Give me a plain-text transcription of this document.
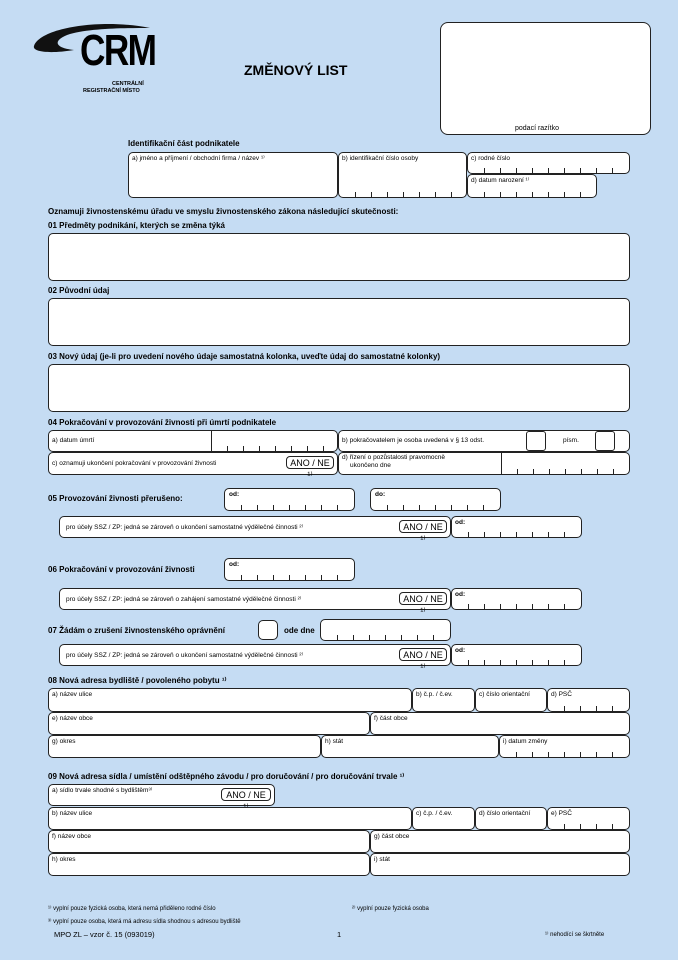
CRM
CENTRÁLNÍ
REGISTRAČNÍ MÍSTO
ZMĚNOVÝ LIST
podací razítko
Identifikační část podnikatele
a) jméno a příjmení / obchodní firma / název ¹⁾	b) identifikační číslo osoby	c) rodné číslo
d) datum narození ¹⁾
Oznamuji živnostenskému úřadu ve smyslu živnostenského zákona následující skutečnosti:
01 Předměty podnikání, kterých se změna týká
02 Původní údaj
03 Nový údaj (je-li pro uvedení nového údaje samostatná kolonka, uveďte údaj do samostatné kolonky)
04 Pokračování v provozování živnosti při úmrtí podnikatele
a) datum úmrtí	b) pokračovatelem je osoba uvedená v § 13 odst.	písm.
c) oznamuji ukončení pokračování v provozování živnosti	ANO / NE ¹⁾
d) řízení o pozůstalosti pravomocně
ukončeno dne
05 Provozování živnosti přerušeno:	od:	do:
pro účely SSZ / ZP: jedná se zároveň o ukončení samostatné výdělečné činnosti ²⁾	ANO / NE ¹⁾
od:
06 Pokračování v provozování živnosti
od:
pro účely SSZ / ZP: jedná se zároveň o zahájení samostatné výdělečné činnosti ²⁾	ANO / NE ¹⁾
od:
07 Žádám o zrušení živnostenského oprávnění	ode dne
pro účely SSZ / ZP: jedná se zároveň o ukončení samostatné výdělečné činnosti ²⁾	ANO / NE ¹⁾
od:
08 Nová adresa bydliště / povoleného pobytu ¹⁾
a) název ulice	b) č.p. / č.ev.	c) číslo orientační	d) PSČ
e) název obce	f) část obce
g) okres	h) stát	i) datum změny
09 Nová adresa sídla / umístění odštěpného závodu / pro doručování / pro doručování trvale ¹⁾
a) sídlo trvale shodné s bydlištěm³⁾	ANO / NE
b) název ulice	c) č.p. / č.ev.	d) číslo orientační	e) PSČ
f) název obce	g) část obce
h) okres	i) stát
¹⁾ vyplní pouze fyzická osoba, která nemá přiděleno rodné číslo	²⁾ vyplní pouze fyzická osoba
³⁾ vyplní pouze osoba, která má adresu sídla shodnou s adresou bydliště
MPO ZL – vzor č. 15 (093019)	1	¹⁾ nehodící se škrtněte
